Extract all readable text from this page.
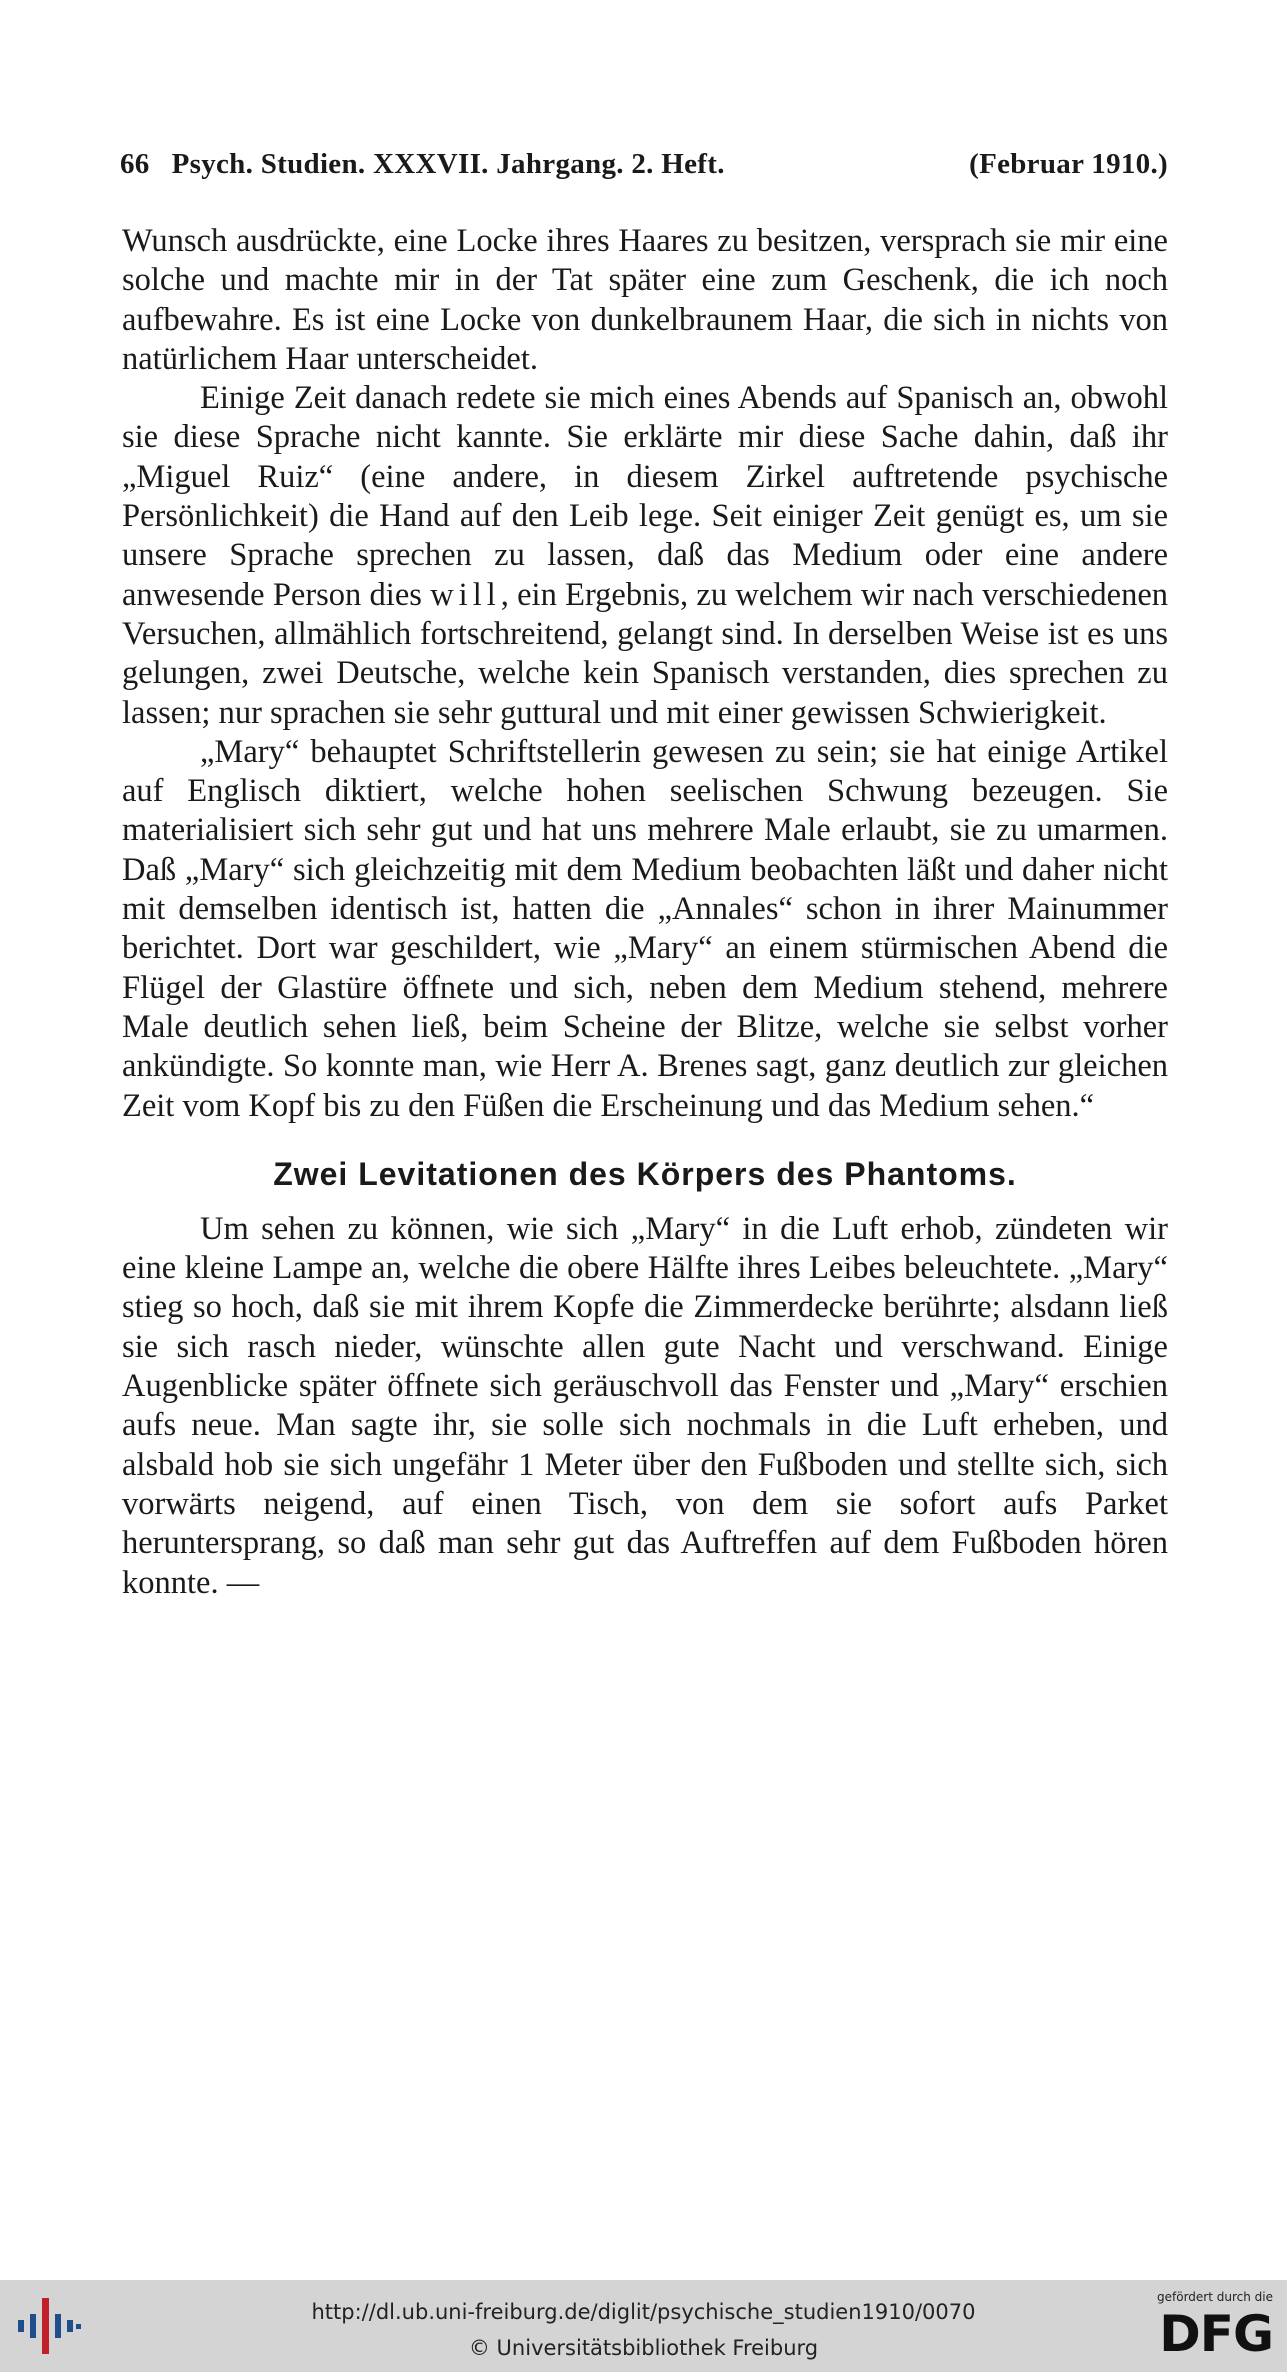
66 Psych. Studien. XXXVII. Jahrgang. 2. Heft.	(Februar 1910.)

Wunsch ausdrückte, eine Locke ihres Haares zu besitzen, versprach sie mir eine solche und machte mir in der Tat später eine zum Geschenk, die ich noch aufbewahre. Es ist eine Locke von dunkelbraunem Haar, die sich in nichts von natürlichem Haar unterscheidet.

Einige Zeit danach redete sie mich eines Abends auf Spanisch an, obwohl sie diese Sprache nicht kannte. Sie erklärte mir diese Sache dahin, daß ihr „Miguel Ruiz“ (eine andere, in diesem Zirkel auftretende psychische Persönlichkeit) die Hand auf den Leib lege. Seit einiger Zeit genügt es, um sie unsere Sprache sprechen zu lassen, daß das Medium oder eine andere anwesende Person dies will, ein Ergebnis, zu welchem wir nach verschiedenen Versuchen, allmählich fortschreitend, gelangt sind. In derselben Weise ist es uns gelungen, zwei Deutsche, welche kein Spanisch verstanden, dies sprechen zu lassen; nur sprachen sie sehr guttural und mit einer gewissen Schwierigkeit.

„Mary“ behauptet Schriftstellerin gewesen zu sein; sie hat einige Artikel auf Englisch diktiert, welche hohen seelischen Schwung bezeugen. Sie materialisiert sich sehr gut und hat uns mehrere Male erlaubt, sie zu umarmen. Daß „Mary“ sich gleichzeitig mit dem Medium beobachten läßt und daher nicht mit demselben identisch ist, hatten die „Annales“ schon in ihrer Mainummer berichtet. Dort war geschildert, wie „Mary“ an einem stürmischen Abend die Flügel der Glastüre öffnete und sich, neben dem Medium stehend, mehrere Male deutlich sehen ließ, beim Scheine der Blitze, welche sie selbst vorher ankündigte. So konnte man, wie Herr A. Brenes sagt, ganz deutlich zur gleichen Zeit vom Kopf bis zu den Füßen die Erscheinung und das Medium sehen.“

Zwei Levitationen des Körpers des Phantoms.

Um sehen zu können, wie sich „Mary“ in die Luft erhob, zündeten wir eine kleine Lampe an, welche die obere Hälfte ihres Leibes beleuchtete. „Mary“ stieg so hoch, daß sie mit ihrem Kopfe die Zimmerdecke berührte; alsdann ließ sie sich rasch nieder, wünschte allen gute Nacht und verschwand. Einige Augenblicke später öffnete sich geräuschvoll das Fenster und „Mary“ erschien aufs neue. Man sagte ihr, sie solle sich nochmals in die Luft erheben, und alsbald hob sie sich ungefähr 1 Meter über den Fußboden und stellte sich, sich vorwärts neigend, auf einen Tisch, von dem sie sofort aufs Parket heruntersprang, so daß man sehr gut das Auftreffen auf dem Fußboden hören konnte. —

http://dl.ub.uni-freiburg.de/diglit/psychische_studien1910/0070
© Universitätsbibliothek Freiburg
gefördert durch die
DFG
